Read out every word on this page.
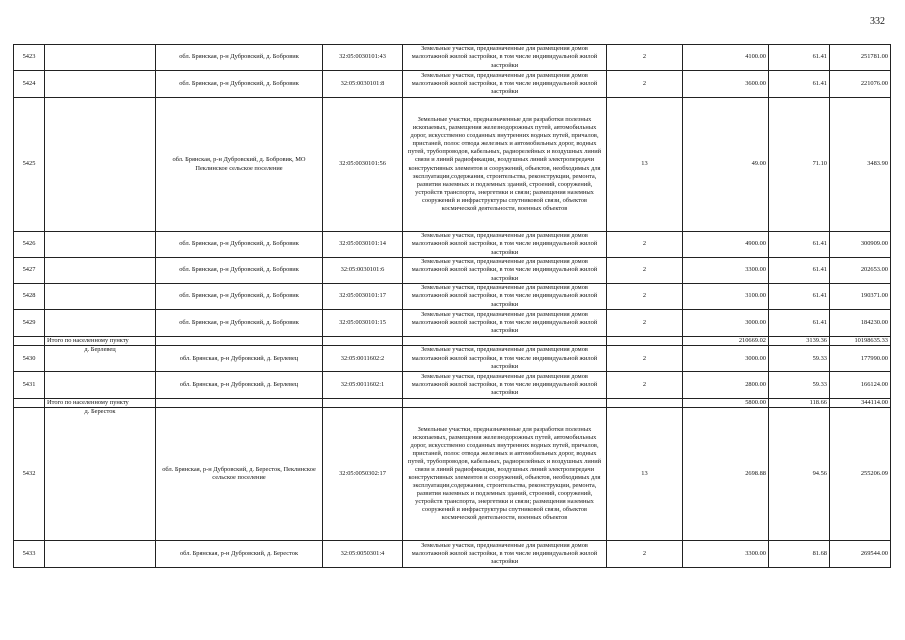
332
5423		обл. Брянская, р-н Дубровский, д. Бобровик	32:05:0030101:43	Земельные участки, предназначенные для размещения домов малоэтажной жилой застройки, в том числе индивидуальной жилой застройки	2	4100.00	61.41	251781.00
5424		обл. Брянская, р-н Дубровский, д. Бобровик	32:05:0030101:8	Земельные участки, предназначенные для размещения домов малоэтажной жилой застройки, в том числе индивидуальной жилой застройки	2	3600.00	61.41	221076.00
5425		обл. Брянская, р-н Дубровский, д. Бобровик, МО Пеклинское сельское поселение	32:05:0030101:56	Земельные участки, предназначенные для разработки полезных ископаемых, размещения железнодорожных путей, автомобильных дорог, искусственно созданных внутренних водных путей, причалов, пристаней, полос отвода железных и автомобильных дорог, водных путей, трубопроводов, кабельных, радиорелейных и воздушных линий связи и линий радиофикации, воздушных линий электропередачи конструктивных элементов и сооружений, объектов, необходимых для эксплуатации,содержания, строительства, реконструкции, ремонта, развития наземных и подземных зданий, строений, сооружений, устройств транспорта, энергетики и связи; размещения наземных сооружений и инфраструктуры спутниковой связи, объектов космической деятельности, военных объектов	13	49.00	71.10	3483.90
5426		обл. Брянская, р-н Дубровский, д. Бобровик	32:05:0030101:14	Земельные участки, предназначенные для размещения домов малоэтажной жилой застройки, в том числе индивидуальной жилой застройки	2	4900.00	61.41	300909.00
5427		обл. Брянская, р-н Дубровский, д. Бобровик	32:05:0030101:6	Земельные участки, предназначенные для размещения домов малоэтажной жилой застройки, в том числе индивидуальной жилой застройки	2	3300.00	61.41	202653.00
5428		обл. Брянская, р-н Дубровский, д. Бобровик	32:05:0030101:17	Земельные участки, предназначенные для размещения домов малоэтажной жилой застройки, в том числе индивидуальной жилой застройки	2	3100.00	61.41	190371.00
5429		обл. Брянская, р-н Дубровский, д. Бобровик	32:05:0030101:15	Земельные участки, предназначенные для размещения домов малоэтажной жилой застройки, в том числе индивидуальной жилой застройки	2	3000.00	61.41	184230.00
	Итого по населенному пункту					210669.02	3139.36	10198635.33
5430	д. Берлевец	обл. Брянская, р-н Дубровский, д. Берлевец	32:05:0011602:2	Земельные участки, предназначенные для размещения домов малоэтажной жилой застройки, в том числе индивидуальной жилой застройки	2	3000.00	59.33	177990.00
5431		обл. Брянская, р-н Дубровский, д. Берлевец	32:05:0011602:1	Земельные участки, предназначенные для размещения домов малоэтажной жилой застройки, в том числе индивидуальной жилой застройки	2	2800.00	59.33	166124.00
	Итого по населенному пункту					5800.00	118.66	344114.00
5432	д. Бересток	обл. Брянская, р-н Дубровский, д. Бересток, Пеклинское сельское поселение	32:05:0050302:17	Земельные участки, предназначенные для разработки полезных ископаемых, размещения железнодорожных путей, автомобильных дорог, искусственно созданных внутренних водных путей, причалов, пристаней, полос отвода железных и автомобильных дорог, водных путей, трубопроводов, кабельных, радиорелейных и воздушных линий связи и линий радиофикации, воздушных линий электропередачи конструктивных элементов и сооружений, объектов, необходимых для эксплуатации,содержания, строительства, реконструкции, ремонта, развития наземных и подземных зданий, строений, сооружений, устройств транспорта, энергетики и связи; размещения наземных сооружений и инфраструктуры спутниковой связи, объектов космической деятельности, военных объектов	13	2698.88	94.56	255206.09
5433		обл. Брянская, р-н Дубровский, д. Бересток	32:05:0050301:4	Земельные участки, предназначенные для размещения домов малоэтажной жилой застройки, в том числе индивидуальной жилой застройки	2	3300.00	81.68	269544.00
